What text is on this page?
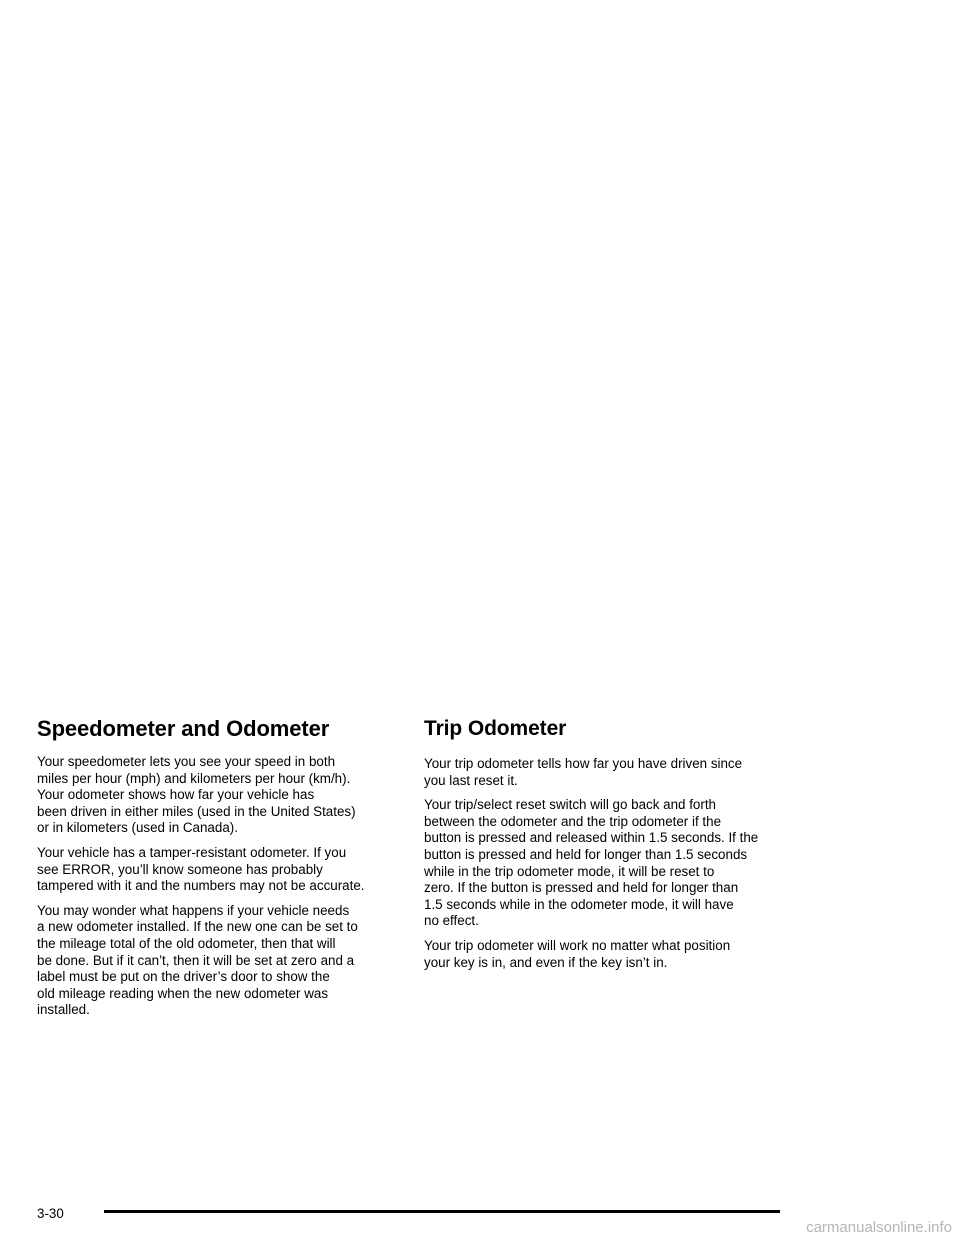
Speedometer and Odometer

Your speedometer lets you see your speed in both
miles per hour (mph) and kilometers per hour (km/h).
Your odometer shows how far your vehicle has
been driven in either miles (used in the United States)
or in kilometers (used in Canada).

Your vehicle has a tamper-resistant odometer. If you
see ERROR, you’ll know someone has probably
tampered with it and the numbers may not be accurate.

You may wonder what happens if your vehicle needs
a new odometer installed. If the new one can be set to
the mileage total of the old odometer, then that will
be done. But if it can’t, then it will be set at zero and a
label must be put on the driver’s door to show the
old mileage reading when the new odometer was
installed.

Trip Odometer

Your trip odometer tells how far you have driven since
you last reset it.

Your trip/select reset switch will go back and forth
between the odometer and the trip odometer if the
button is pressed and released within 1.5 seconds. If the
button is pressed and held for longer than 1.5 seconds
while in the trip odometer mode, it will be reset to
zero. If the button is pressed and held for longer than
1.5 seconds while in the odometer mode, it will have
no effect.

Your trip odometer will work no matter what position
your key is in, and even if the key isn’t in.

3-30
carmanualsonline.info
